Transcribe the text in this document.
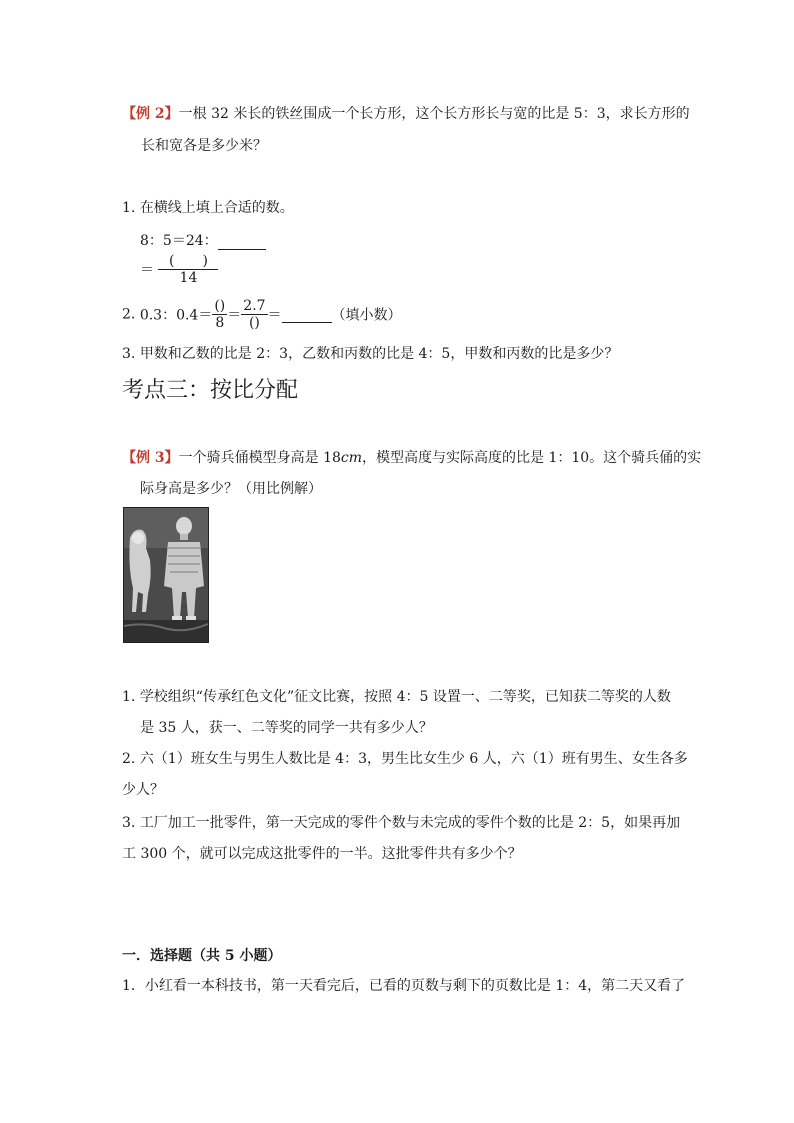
【例 2】一根 32 米长的铁丝围成一个长方形，这个长方形长与宽的比是 5：3，求长方形的
长和宽各是多少米？
1. 在横线上填上合适的数。
8：5＝24：
＝ $\frac{( )}{14}$
2. 0.3：$0.4= \frac{()}{8} = \frac{2.7}{()}$ ＝	（填小数）
3. 甲数和乙数的比是 2：3，乙数和丙数的比是 4：5，甲数和丙数的比是多少？
考点三：按比分配
【例 3】一个骑兵俑模型身高是 18cm，模型高度与实际高度的比是 1：10。这个骑兵俑的实
际身高是多少？（用比例解）
1. 学校组织“传承红色文化”征文比赛，按照 4：5 设置一、二等奖，已知获二等奖的人数
是 35 人，获一、二等奖的同学一共有多少人？
2. 六（1）班女生与男生人数比是 4：3，男生比女生少 6 人，六（1）班有男生、女生各多
少人？
3. 工厂加工一批零件，第一天完成的零件个数与未完成的零件个数的比是 2：5，如果再加
工 300 个，就可以完成这批零件的一半。这批零件共有多少个？
一．选择题（共 5 小题）
1．小红看一本科技书，第一天看完后，已看的页数与剩下的页数比是 1：4，第二天又看了
